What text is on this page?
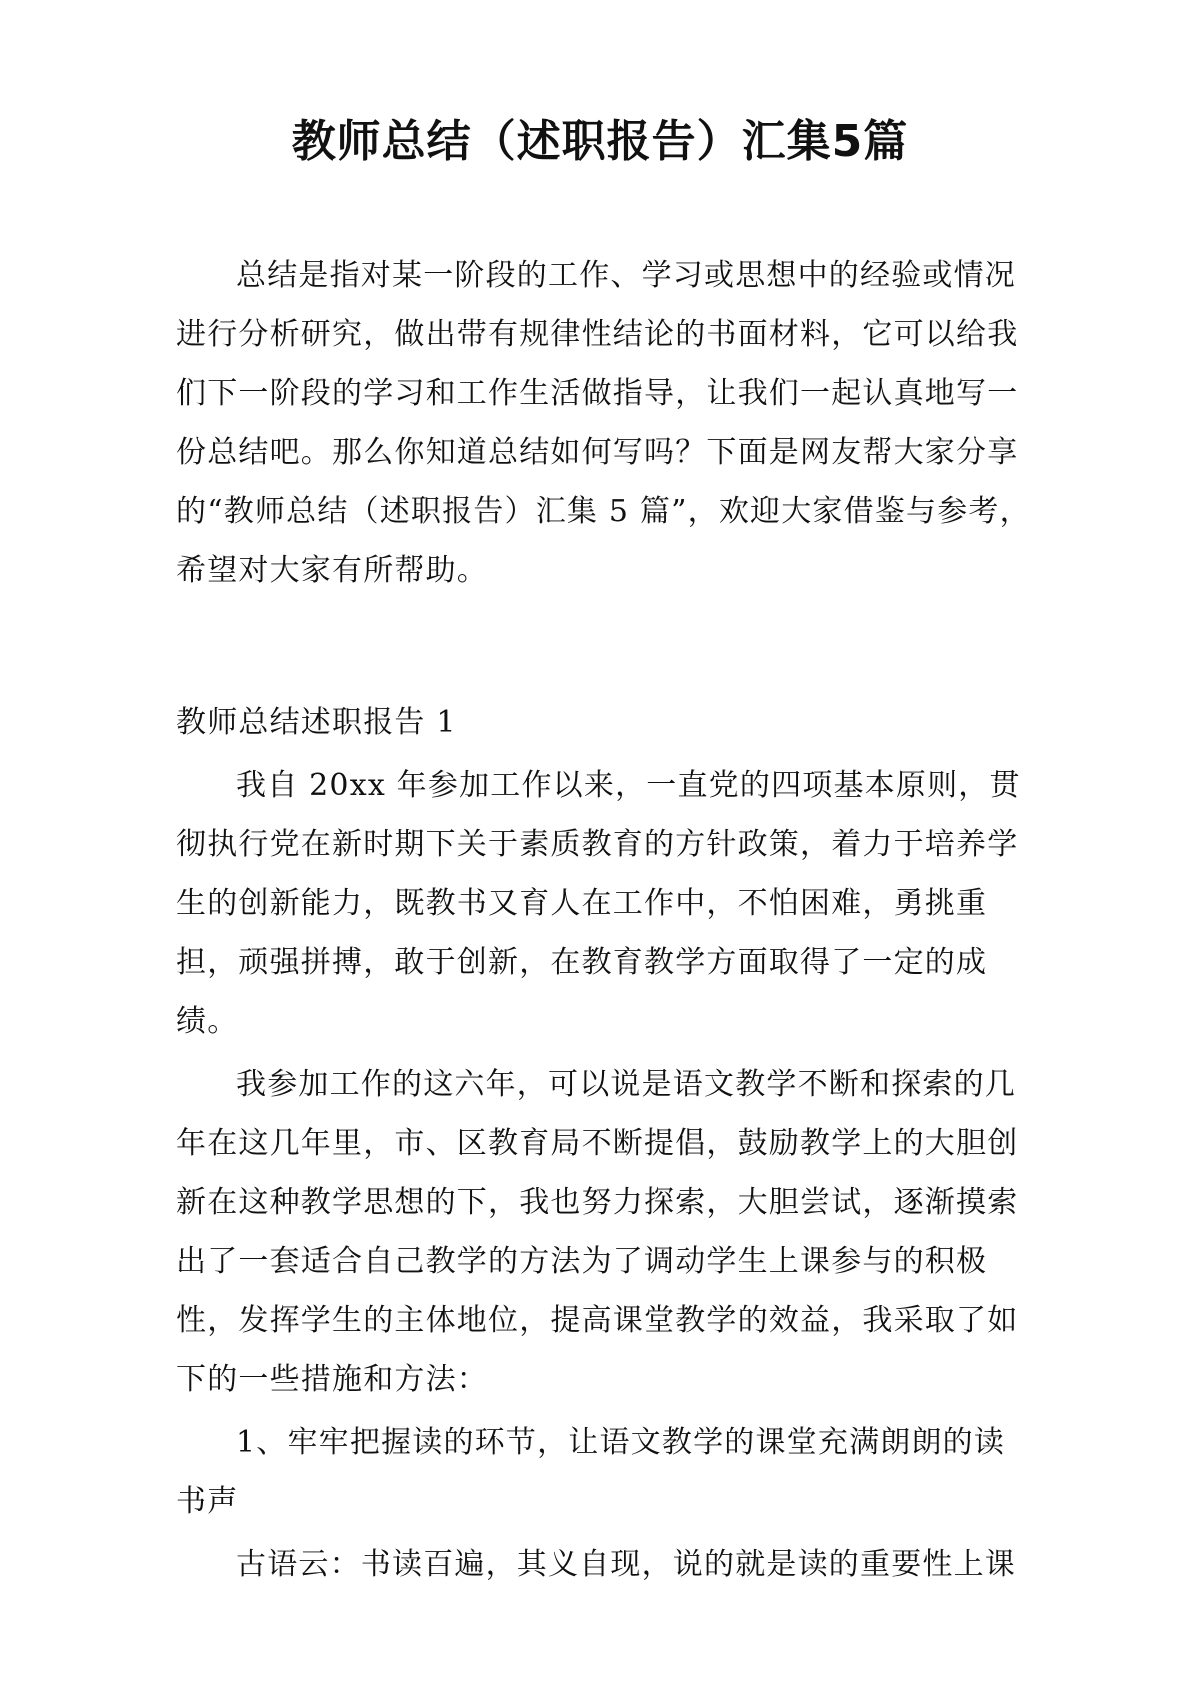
教师总结（述职报告）汇集5篇

总结是指对某一阶段的工作、学习或思想中的经验或情况进行分析研究，做出带有规律性结论的书面材料，它可以给我们下一阶段的学习和工作生活做指导，让我们一起认真地写一份总结吧。那么你知道总结如何写吗？下面是网友帮大家分享的“教师总结（述职报告）汇集 5 篇”，欢迎大家借鉴与参考，希望对大家有所帮助。

教师总结述职报告 1

我自 20xx 年参加工作以来，一直党的四项基本原则，贯彻执行党在新时期下关于素质教育的方针政策，着力于培养学生的创新能力，既教书又育人在工作中，不怕困难，勇挑重担，顽强拼搏，敢于创新，在教育教学方面取得了一定的成绩。

我参加工作的这六年，可以说是语文教学不断和探索的几年在这几年里，市、区教育局不断提倡，鼓励教学上的大胆创新在这种教学思想的下，我也努力探索，大胆尝试，逐渐摸索出了一套适合自己教学的方法为了调动学生上课参与的积极性，发挥学生的主体地位，提高课堂教学的效益，我采取了如下的一些措施和方法：

1、牢牢把握读的环节，让语文教学的课堂充满朗朗的读书声

古语云：书读百遍，其义自现，说的就是读的重要性上课
